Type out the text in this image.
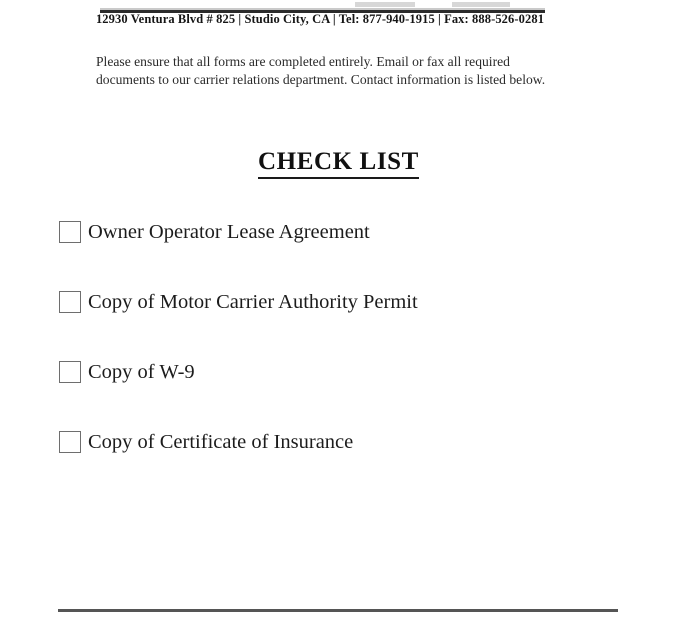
12930 Ventura Blvd # 825 | Studio City, CA | Tel: 877-940-1915 | Fax: 888-526-0281
Please ensure that all forms are completed entirely. Email or fax all required documents to our carrier relations department. Contact information is listed below.
CHECK LIST
Owner Operator Lease Agreement
Copy of Motor Carrier Authority Permit
Copy of W-9
Copy of Certificate of Insurance
